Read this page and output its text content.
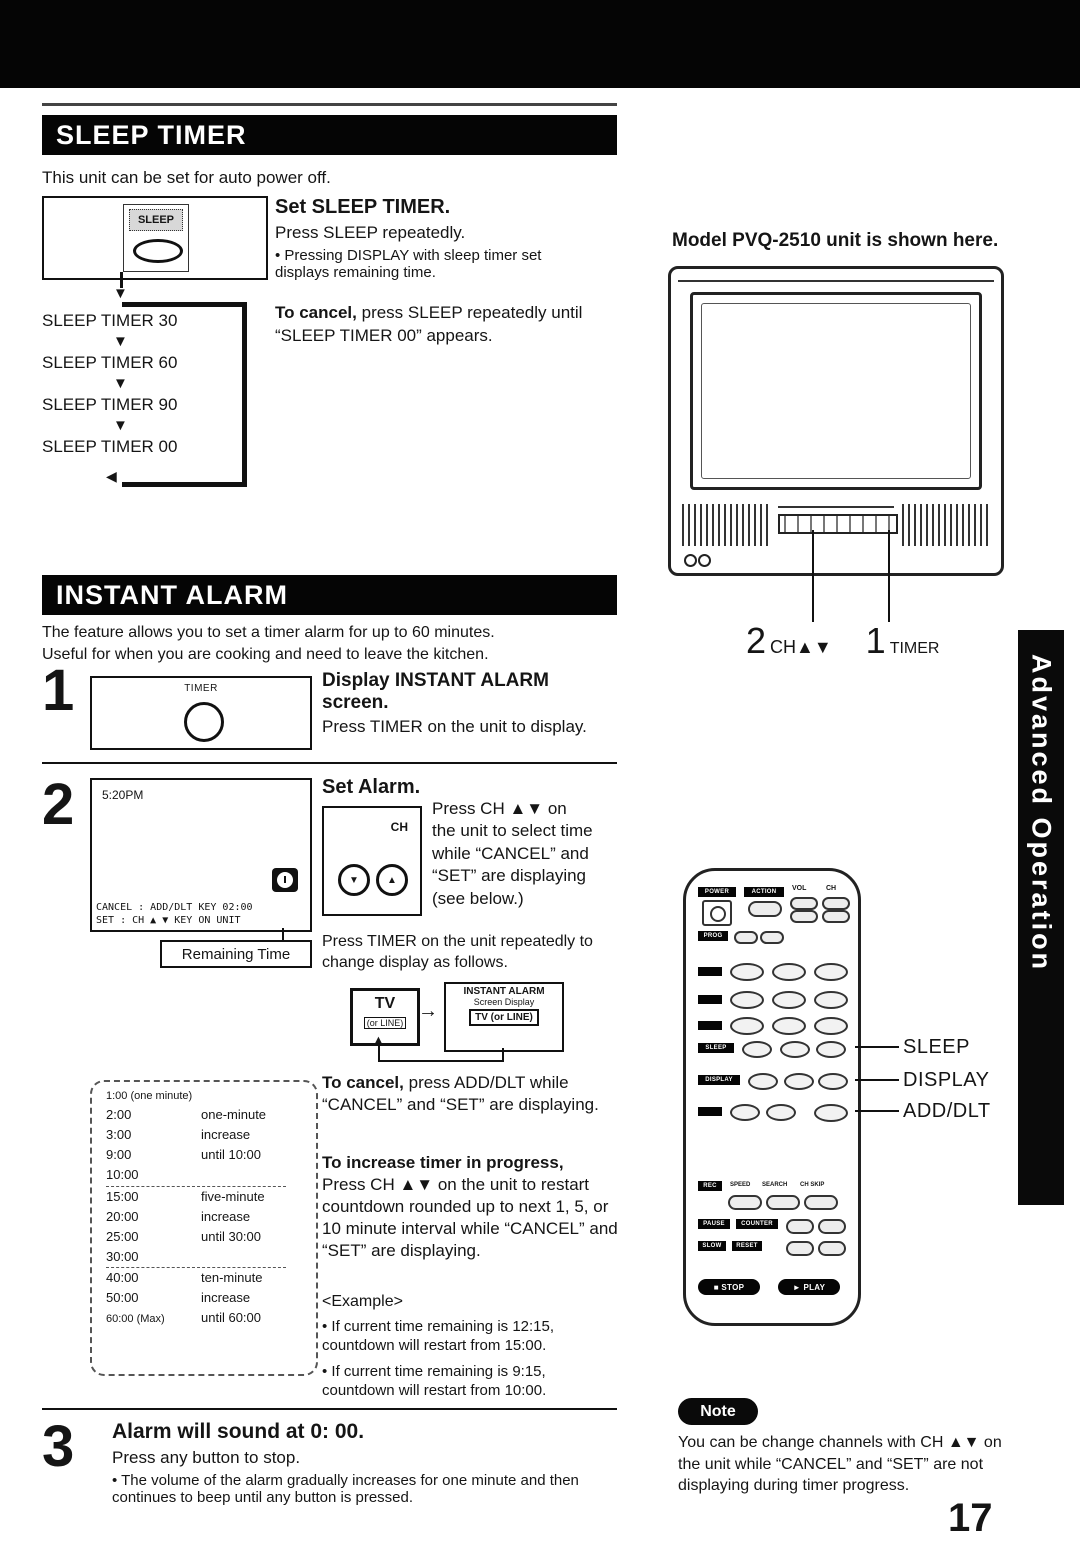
SLEEP TIMER

This unit can be set for auto power off.

SLEEP

Set SLEEP TIMER.

Press SLEEP repeatedly.

• Pressing DISPLAY with sleep timer set displays remaining time.

To cancel, press SLEEP repeatedly until “SLEEP TIMER 00” appears.

▼
SLEEP TIMER 30
▼
SLEEP TIMER 60
▼
SLEEP TIMER 90
▼
SLEEP TIMER 00
◀
INSTANT ALARM

The feature allows you to set a timer alarm for up to 60 minutes.

Useful for when you are cooking and need to leave the kitchen.

1	TIMER	Display INSTANT ALARM

screen.

Press TIMER on the unit to display.

2 5:20PM

CANCEL : ADD/DLT KEY 02:00

SET : CH ▲ ▼ KEY ON UNIT

Remaining Time

Set Alarm.

CH
▼	▲

Press CH ▲▼ on

the unit to select time

while “CANCEL” and

“SET” are displaying

(see below.)

Press TIMER on the unit repeatedly to change display as follows.

TV

(or LINE)

→

INSTANT ALARM

Screen Display

TV (or LINE)

▲

To cancel, press ADD/DLT while “CANCEL” and “SET” are displaying.

To increase timer in progress,

Press CH ▲▼ on the unit to restart countdown rounded up to next 1, 5, or 10 minute interval while “CANCEL” and “SET” are displaying.

1:00 (one minute)
2:00	one-minute
3:00	increase
9:00	until 10:00
10:00
15:00	five-minute
20:00	increase
25:00	until 30:00
30:00
40:00	ten-minute
50:00	increase
60:00 (Max)	until 60:00

<Example>

• If current time remaining is 12:15, countdown will restart from 15:00.

• If current time remaining is 9:15, countdown will restart from 10:00.

3 Alarm will sound at 0: 00.

Press any button to stop.

• The volume of the alarm gradually increases for one minute and then continues to beep until any button is pressed.

Model PVQ-2510 unit is shown here.

2 CH▲▼ 1 TIMER
Advanced Operation
POWER	ACTION VOL	CH
PROG
SLEEP
DISPLAY
REC SPEED SEARCH CH SKIP
PAUSE	COUNTER
SLOW RESET
■ STOP	► PLAY
SLEEP
DISPLAY
ADD/DLT
Note

You can be change channels with CH ▲▼ on the unit while “CANCEL” and “SET” are not displaying during timer progress.

17
